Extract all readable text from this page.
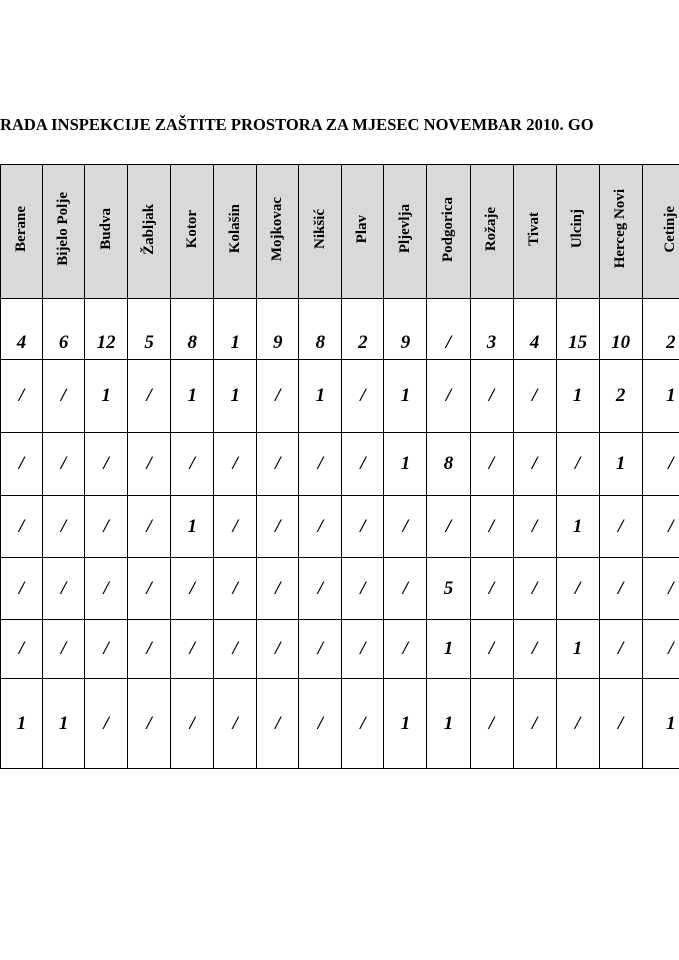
RADA INSPEKCIJE ZAŠTITE PROSTORA ZA MJESEC NOVEMBAR 2010. GO
Berane	Bijelo Polje	Budva	Žabljak	Kotor	Kolašin	Mojkovac	Nikšić	Plav	Pljevlja	Podgorica	Rožaje	Tivat	Ulcinj	Herceg Novi	Cetinje
4	6	12	5	8	1	9	8	2	9	/	3	4	15	10	2
/	/	1	/	1	1	/	1	/	1	/	/	/	1	2	1
/	/	/	/	/	/	/	/	/	1	8	/	/	/	1	/
/	/	/	/	1	/	/	/	/	/	/	/	/	1	/	/
/	/	/	/	/	/	/	/	/	/	5	/	/	/	/	/
/	/	/	/	/	/	/	/	/	/	1	/	/	1	/	/
1	1	/	/	/	/	/	/	/	1	1	/	/	/	/	1
